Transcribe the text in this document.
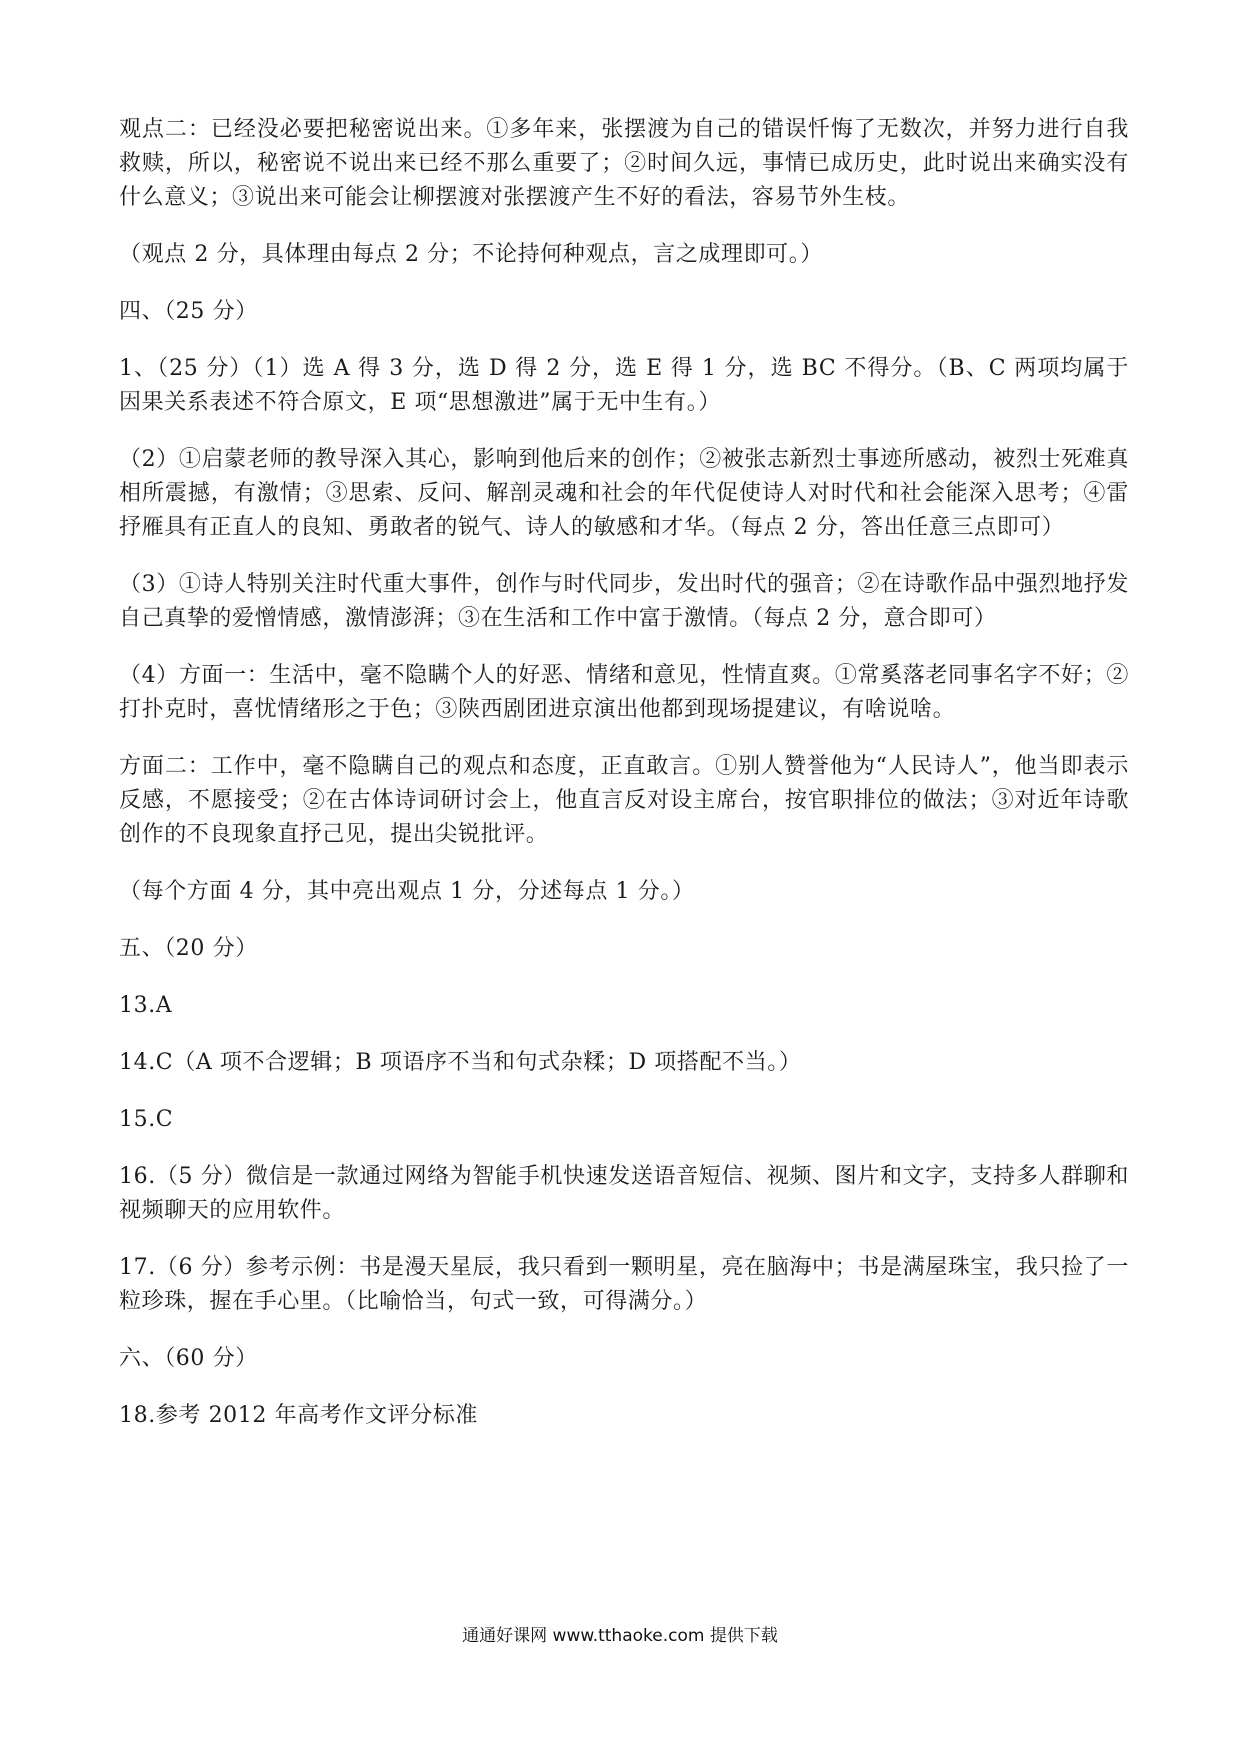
观点二：已经没必要把秘密说出来。①多年来，张摆渡为自己的错误忏悔了无数次，并努力进行自我救赎，所以，秘密说不说出来已经不那么重要了；②时间久远，事情已成历史，此时说出来确实没有什么意义；③说出来可能会让柳摆渡对张摆渡产生不好的看法，容易节外生枝。

（观点 2 分，具体理由每点 2 分；不论持何种观点，言之成理即可。）

四、（25 分）

1、（25 分）（1）选 A 得 3 分，选 D 得 2 分，选 E 得 1 分，选 BC 不得分。（B、C 两项均属于因果关系表述不符合原文，E 项“思想激进”属于无中生有。）

（2）①启蒙老师的教导深入其心，影响到他后来的创作；②被张志新烈士事迹所感动，被烈士死难真相所震撼，有激情；③思索、反问、解剖灵魂和社会的年代促使诗人对时代和社会能深入思考；④雷抒雁具有正直人的良知、勇敢者的锐气、诗人的敏感和才华。（每点 2 分，答出任意三点即可）

（3）①诗人特别关注时代重大事件，创作与时代同步，发出时代的强音；②在诗歌作品中强烈地抒发自己真挚的爱憎情感，激情澎湃；③在生活和工作中富于激情。（每点 2 分，意合即可）

（4）方面一：生活中，毫不隐瞒个人的好恶、情绪和意见，性情直爽。①常奚落老同事名字不好；②打扑克时，喜忧情绪形之于色；③陕西剧团进京演出他都到现场提建议，有啥说啥。

方面二：工作中，毫不隐瞒自己的观点和态度，正直敢言。①别人赞誉他为“人民诗人”，他当即表示反感，不愿接受；②在古体诗词研讨会上，他直言反对设主席台，按官职排位的做法；③对近年诗歌创作的不良现象直抒己见，提出尖锐批评。

（每个方面 4 分，其中亮出观点 1 分，分述每点 1 分。）

五、（20 分）

13.A

14.C（A 项不合逻辑；B 项语序不当和句式杂糅；D 项搭配不当。）

15.C

16.（5 分）微信是一款通过网络为智能手机快速发送语音短信、视频、图片和文字，支持多人群聊和视频聊天的应用软件。

17.（6 分）参考示例：书是漫天星辰，我只看到一颗明星，亮在脑海中；书是满屋珠宝，我只捡了一粒珍珠，握在手心里。（比喻恰当，句式一致，可得满分。）

六、（60 分）

18.参考 2012 年高考作文评分标准

通通好课网 www.tthaoke.com 提供下载
